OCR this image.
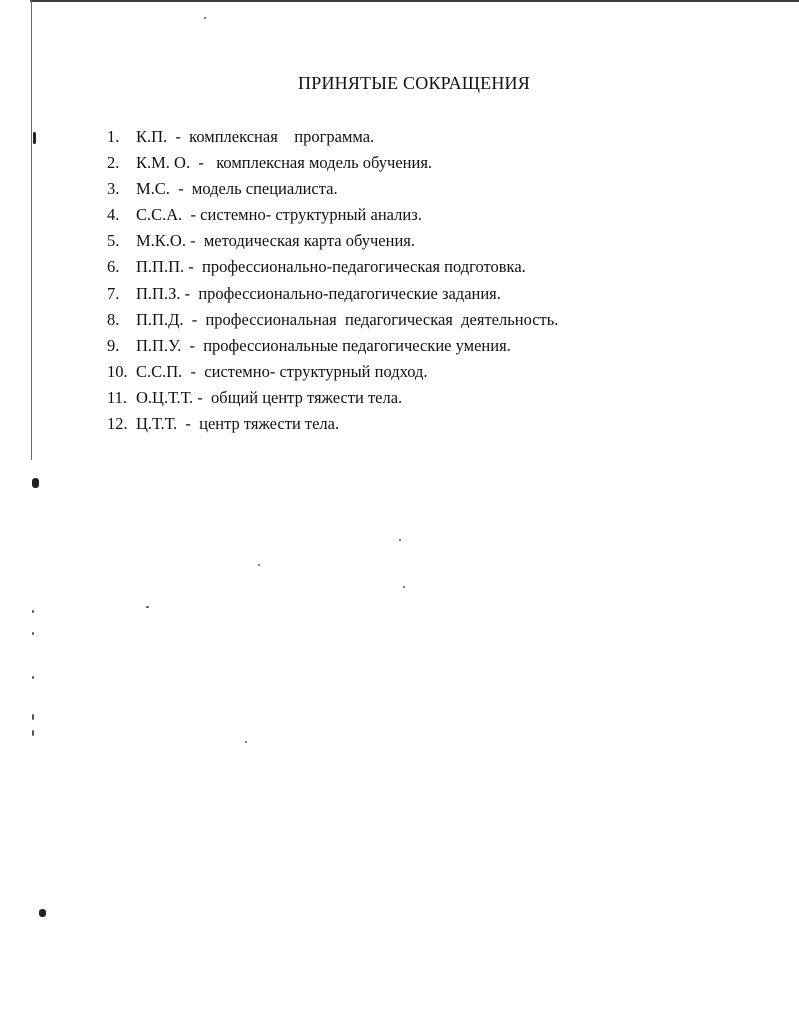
ПРИНЯТЫЕ СОКРАЩЕНИЯ
1. К.П.  -  комплексная    программа.
2. К.М. О.  -   комплексная модель обучения.
3. М.С.  -  модель специалиста.
4. С.С.А.  - системно- структурный анализ.
5. М.К.О. -  методическая карта обучения.
6. П.П.П. -  профессионально-педагогическая подготовка.
7. П.П.З. -  профессионально-педагогические задания.
8. П.П.Д.  -  профессиональная  педагогическая  деятельность.
9. П.П.У.  -  профессиональные педагогические умения.
10. С.С.П.  -  системно- структурный подход.
11. О.Ц.Т.Т. -  общий центр тяжести тела.
12. Ц.Т.Т.  -  центр тяжести тела.
